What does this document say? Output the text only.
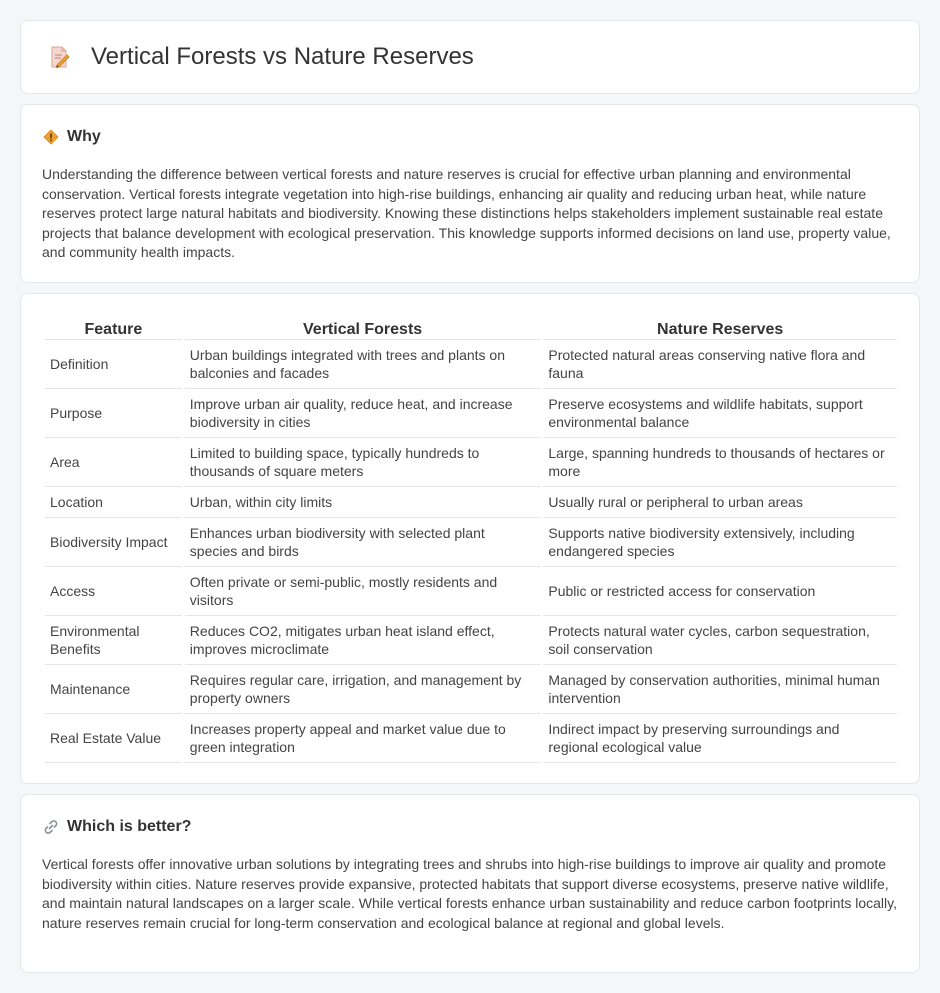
Vertical Forests vs Nature Reserves
Why

Understanding the difference between vertical forests and nature reserves is crucial for effective urban planning and environmental conservation. Vertical forests integrate vegetation into high-rise buildings, enhancing air quality and reducing urban heat, while nature reserves protect large natural habitats and biodiversity. Knowing these distinctions helps stakeholders implement sustainable real estate projects that balance development with ecological preservation. This knowledge supports informed decisions on land use, property value, and community health impacts.

Feature	Vertical Forests	Nature Reserves
Definition	Urban buildings integrated with trees and plants on balconies and facades	Protected natural areas conserving native flora and fauna
Purpose	Improve urban air quality, reduce heat, and increase biodiversity in cities	Preserve ecosystems and wildlife habitats, support environmental balance
Area	Limited to building space, typically hundreds to thousands of square meters	Large, spanning hundreds to thousands of hectares or more
Location	Urban, within city limits	Usually rural or peripheral to urban areas
Biodiversity Impact	Enhances urban biodiversity with selected plant species and birds	Supports native biodiversity extensively, including endangered species
Access	Often private or semi-public, mostly residents and visitors	Public or restricted access for conservation
Environmental Benefits	Reduces CO2, mitigates urban heat island effect, improves microclimate	Protects natural water cycles, carbon sequestration, soil conservation
Maintenance	Requires regular care, irrigation, and management by property owners	Managed by conservation authorities, minimal human intervention
Real Estate Value	Increases property appeal and market value due to green integration	Indirect impact by preserving surroundings and regional ecological value
Which is better?

Vertical forests offer innovative urban solutions by integrating trees and shrubs into high-rise buildings to improve air quality and promote biodiversity within cities. Nature reserves provide expansive, protected habitats that support diverse ecosystems, preserve native wildlife, and maintain natural landscapes on a larger scale. While vertical forests enhance urban sustainability and reduce carbon footprints locally, nature reserves remain crucial for long-term conservation and ecological balance at regional and global levels.
